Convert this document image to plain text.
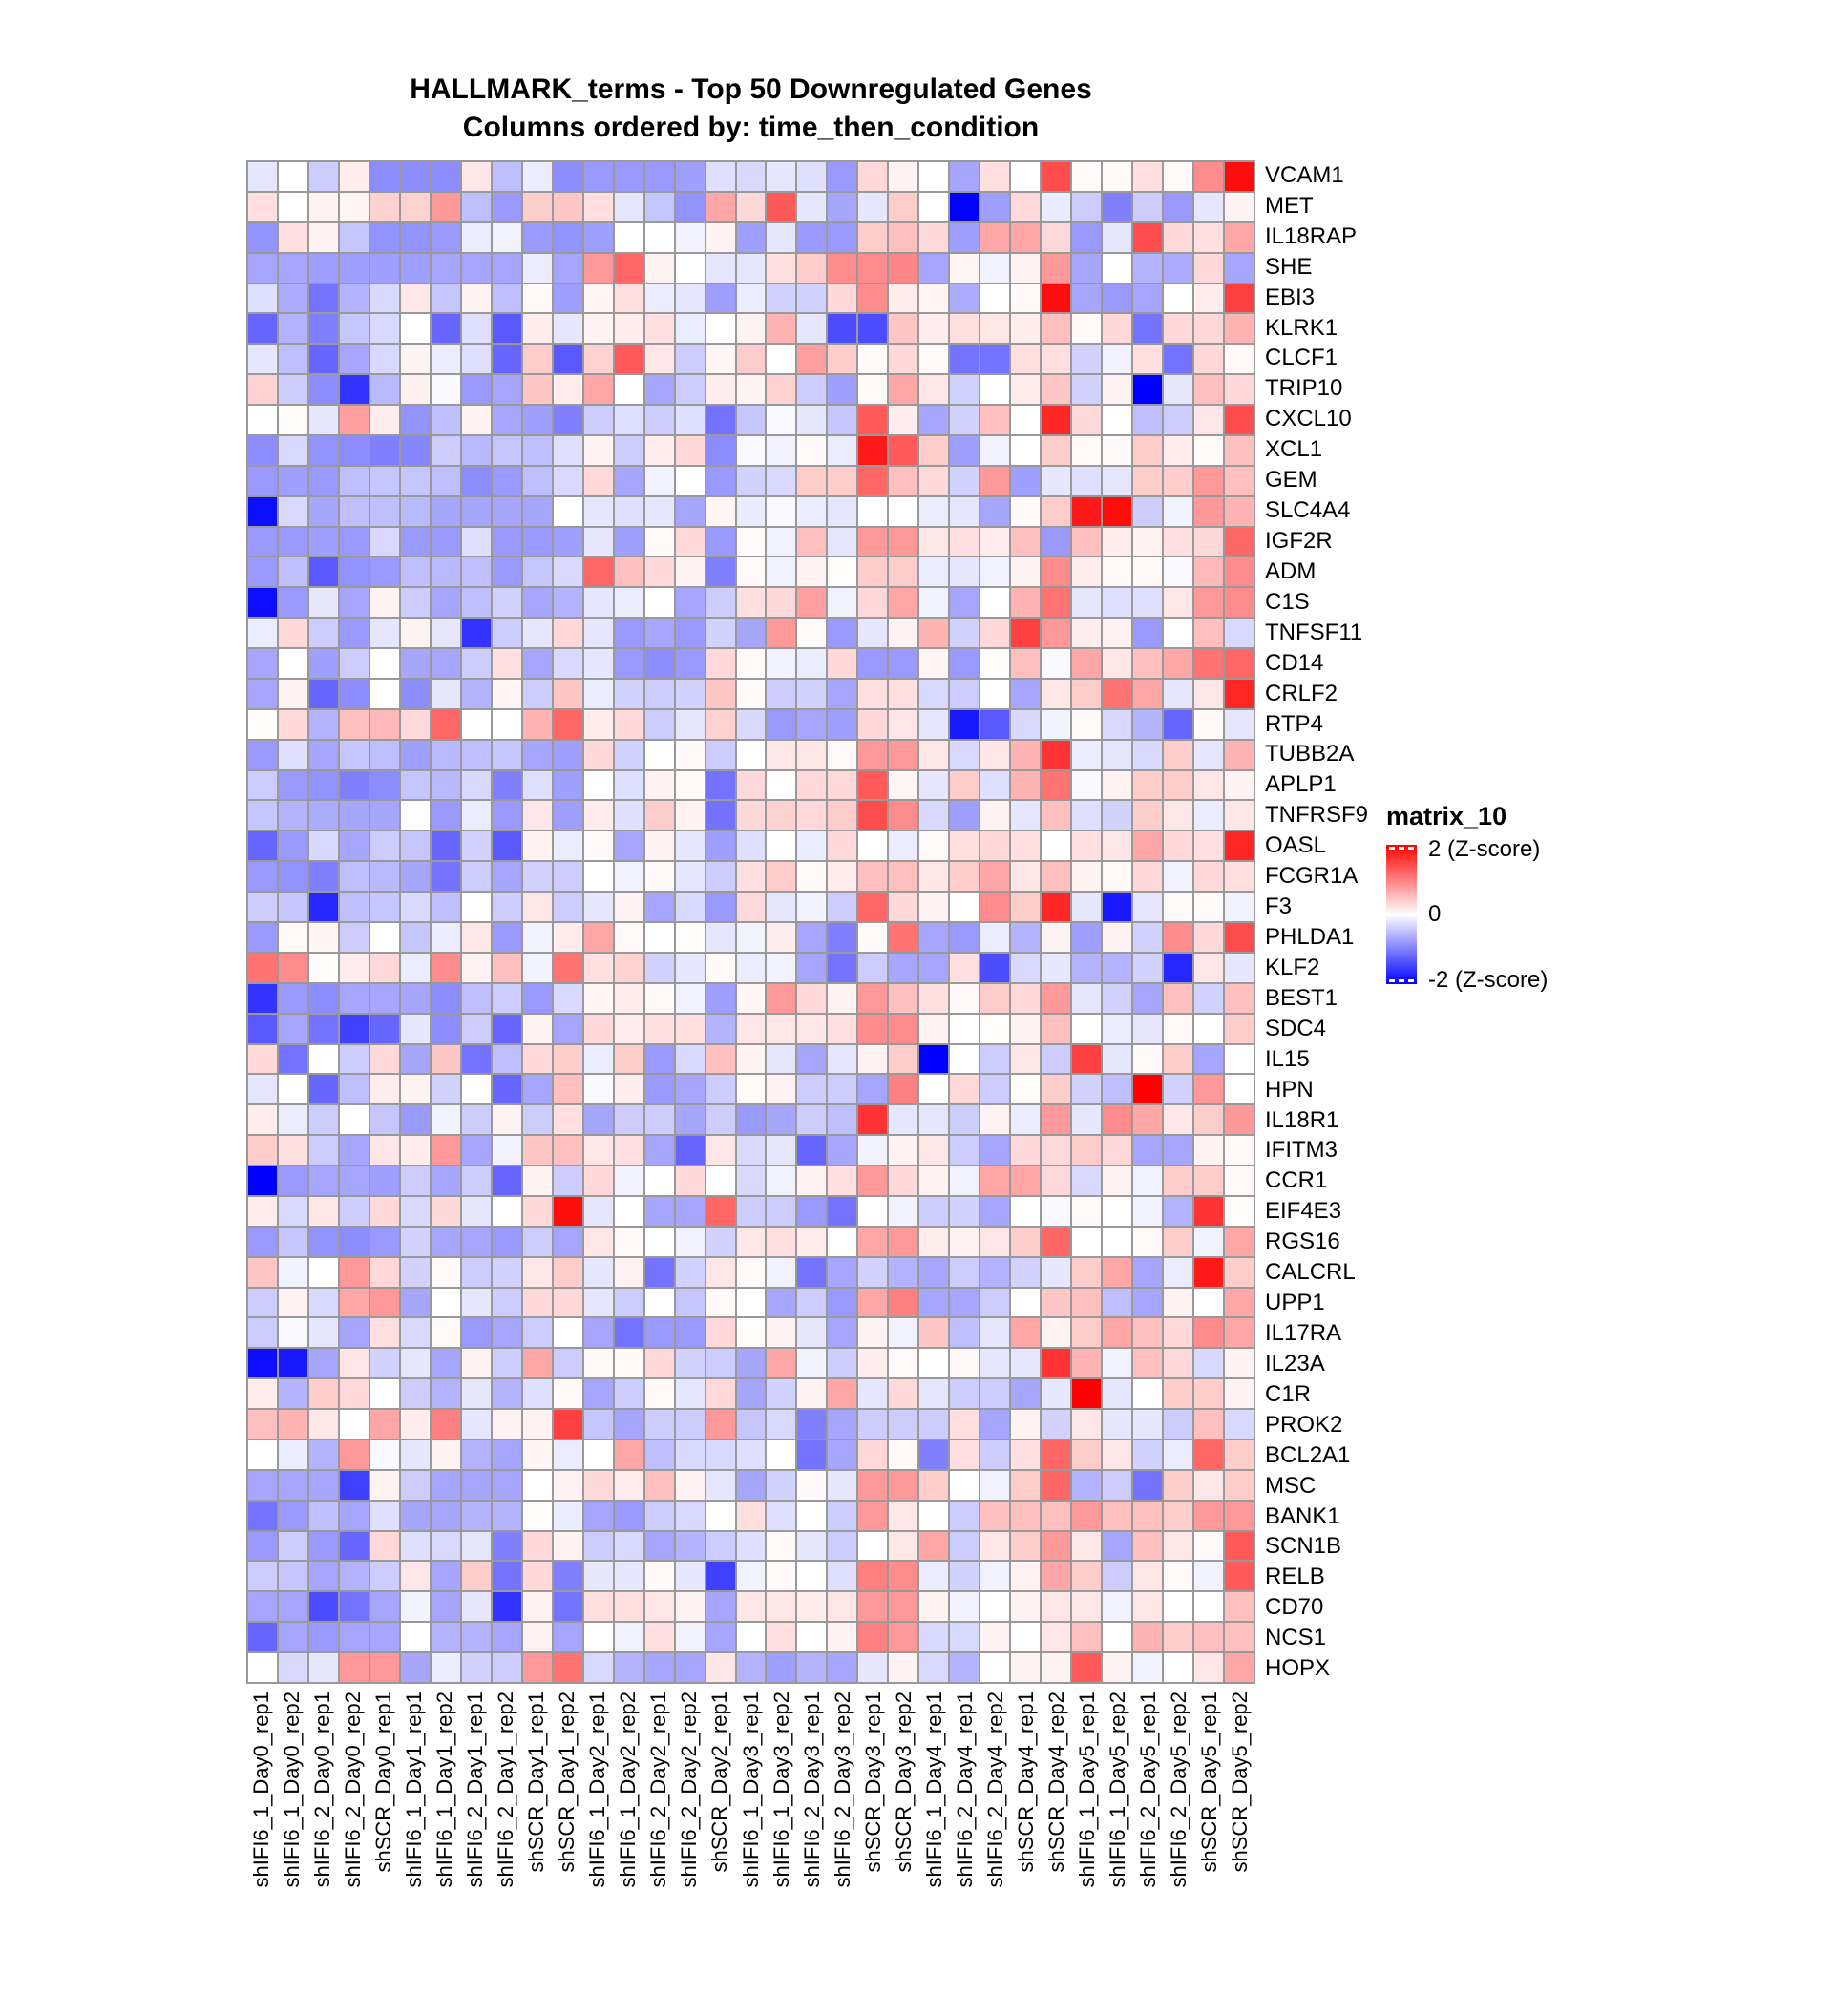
HALLMARK_terms - Top 50 Downregulated Genes
Columns ordered by: time_then_condition
VCAM1
MET
IL18RAP
SHE
EBI3
KLRK1
CLCF1
TRIP10
CXCL10
XCL1
GEM
SLC4A4
IGF2R
ADM
C1S
TNFSF11
CD14
CRLF2
RTP4
TUBB2A
APLP1
TNFRSF9
OASL
FCGR1A
F3
PHLDA1
KLF2
BEST1
SDC4
IL15
HPN
IL18R1
IFITM3
CCR1
EIF4E3
RGS16
CALCRL
UPP1
IL17RA
IL23A
C1R
PROK2
BCL2A1
MSC
BANK1
SCN1B
RELB
CD70
NCS1
HOPX
shIFI6_1_Day0_rep1 shIFI6_1_Day0_rep2 shIFI6_2_Day0_rep1 shIFI6_2_Day0_rep2 shSCR_Day0_rep1 shIFI6_1_Day1_rep1 shIFI6_1_Day1_rep2 shIFI6_2_Day1_rep1 shIFI6_2_Day1_rep2 shSCR_Day1_rep1 shSCR_Day1_rep2 shIFI6_1_Day2_rep1 shIFI6_1_Day2_rep2 shIFI6_2_Day2_rep1 shIFI6_2_Day2_rep2 shSCR_Day2_rep1 shIFI6_1_Day3_rep1 shIFI6_1_Day3_rep2 shIFI6_2_Day3_rep1 shIFI6_2_Day3_rep2 shSCR_Day3_rep1 shSCR_Day3_rep2 shIFI6_1_Day4_rep1 shIFI6_2_Day4_rep1 shIFI6_2_Day4_rep2 shSCR_Day4_rep1 shSCR_Day4_rep2 shIFI6_1_Day5_rep1 shIFI6_1_Day5_rep2 shIFI6_2_Day5_rep1 shIFI6_2_Day5_rep2 shSCR_Day5_rep1 shSCR_Day5_rep2
matrix_10
2 (Z-score)
0
-2 (Z-score)
